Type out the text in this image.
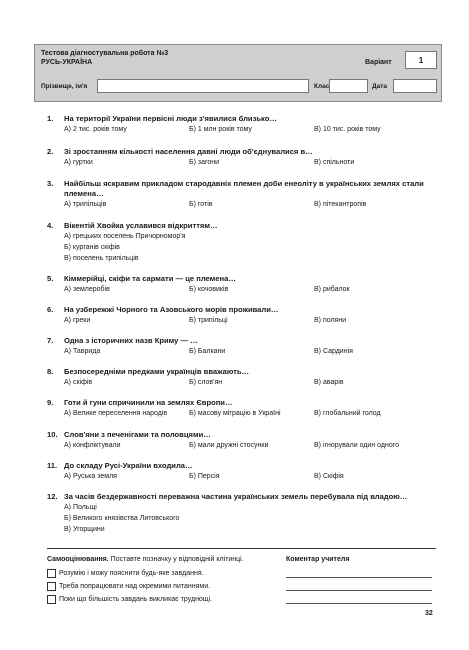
Тестова діагностувальна робота №3
РУСЬ-УКРАЇНА	Варіант	1
Прізвище, ім'я	Клас	Дата
1. На території України первісні люди з'явилися близько…
А) 2 тис. років тому	Б) 1 млн років тому	В) 10 тис. років тому
2. Зі зростанням кількості населення давні люди об'єднувалися в…
А) гуртки	Б) загони	В) спільноти
3. Найбільш яскравим прикладом стародавніх племен доби енеоліту в українських землях стали племена…
А) трипільців	Б) готів	В) пітекантропів
4. Вікентій Хвойка уславився відкриттям…
А) грецьких поселень Причорномор'я
Б) курганів скіфів
В) поселень трипільців
5. Кіммерійці, скіфи та сармати — це племена…
А) землеробів	Б) кочовиків	В) рибалок
6. На узбережжі Чорного та Азовського морів проживали…
А) греки	Б) трипільці	В) поляни
7. Одна з історичних назв Криму — …
А) Таврида	Б) Балкани	В) Сардинія
8. Безпосередніми предками українців вважають…
А) скіфів	Б) слов'ян	В) аварів
9. Готи й гуни спричинили на землях Європи…
А) Велике переселення народів	Б) масову міграцію в Україні	В) глобальний голод
10. Слов'яни з печенігами та половцями…
А) конфліктували	Б) мали дружні стосунки	В) ігнорували один одного
11. До складу Русі-України входила…
А) Руська земля	Б) Персія	В) Скіфія
12. За часів бездержавності переважна частина українських земель перебувала під владою…
А) Польщі
Б) Великого князівства Литовського
В) Угорщини
Самооцінювання. Поставте позначку у відповідній клітинці.	Коментар учителя
Розумію і можу пояснити будь-яке завдання.
Треба попрацювати над окремими питаннями.
Поки що більшість завдань викликає труднощі.
32
